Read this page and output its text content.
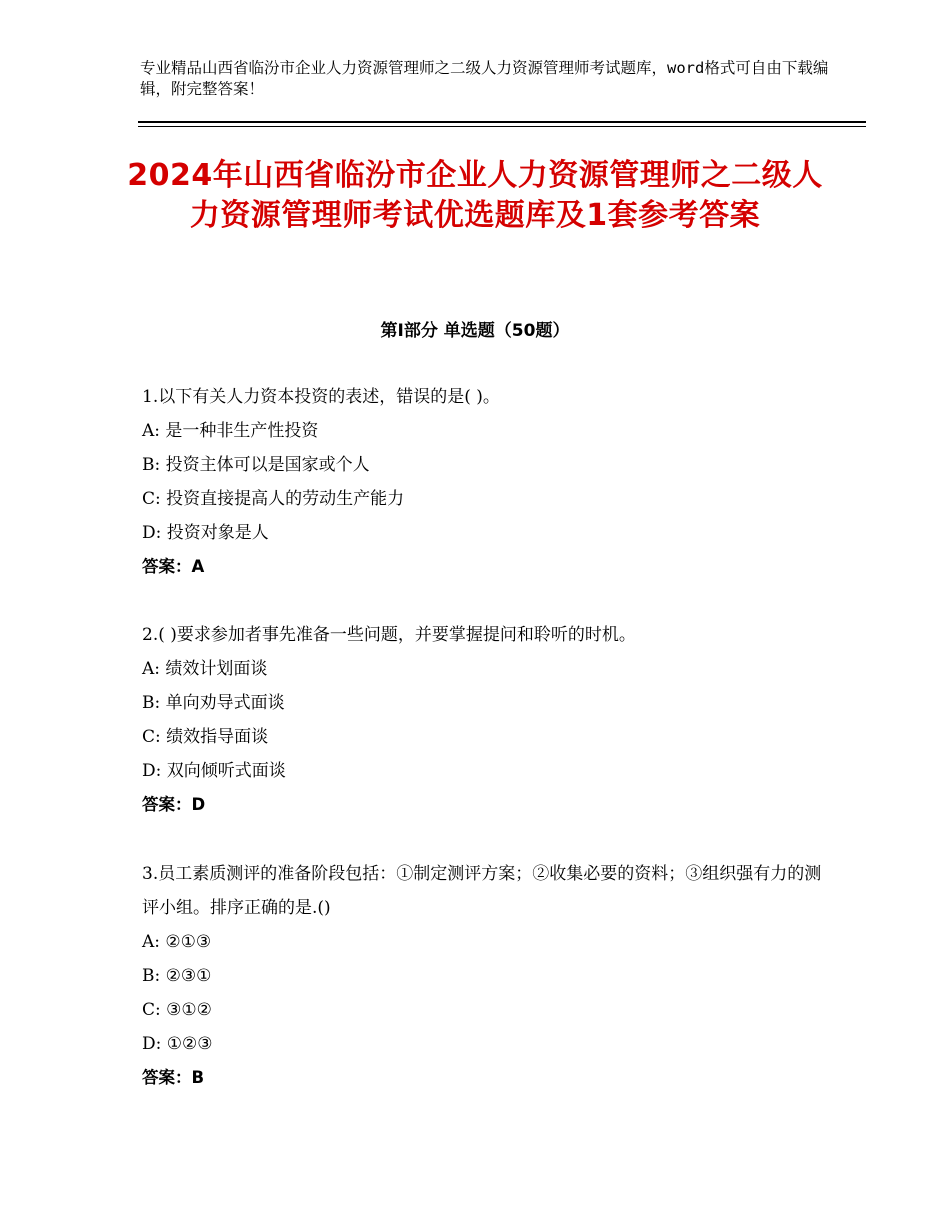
专业精品山西省临汾市企业人力资源管理师之二级人力资源管理师考试题库，word格式可自由下载编辑，附完整答案！
2024年山西省临汾市企业人力资源管理师之二级人力资源管理师考试优选题库及1套参考答案
第Ⅰ部分 单选题（50题）

1.以下有关人力资本投资的表述，错误的是( )。

A: 是一种非生产性投资

B: 投资主体可以是国家或个人

C: 投资直接提高人的劳动生产能力

D: 投资对象是人

答案：A

2.( )要求参加者事先准备一些问题，并要掌握提问和聆听的时机。

A: 绩效计划面谈

B: 单向劝导式面谈

C: 绩效指导面谈

D: 双向倾听式面谈

答案：D

3.员工素质测评的准备阶段包括：①制定测评方案；②收集必要的资料；③组织强有力的测评小组。排序正确的是.()

A: ②①③

B: ②③①

C: ③①②

D: ①②③

答案：B
